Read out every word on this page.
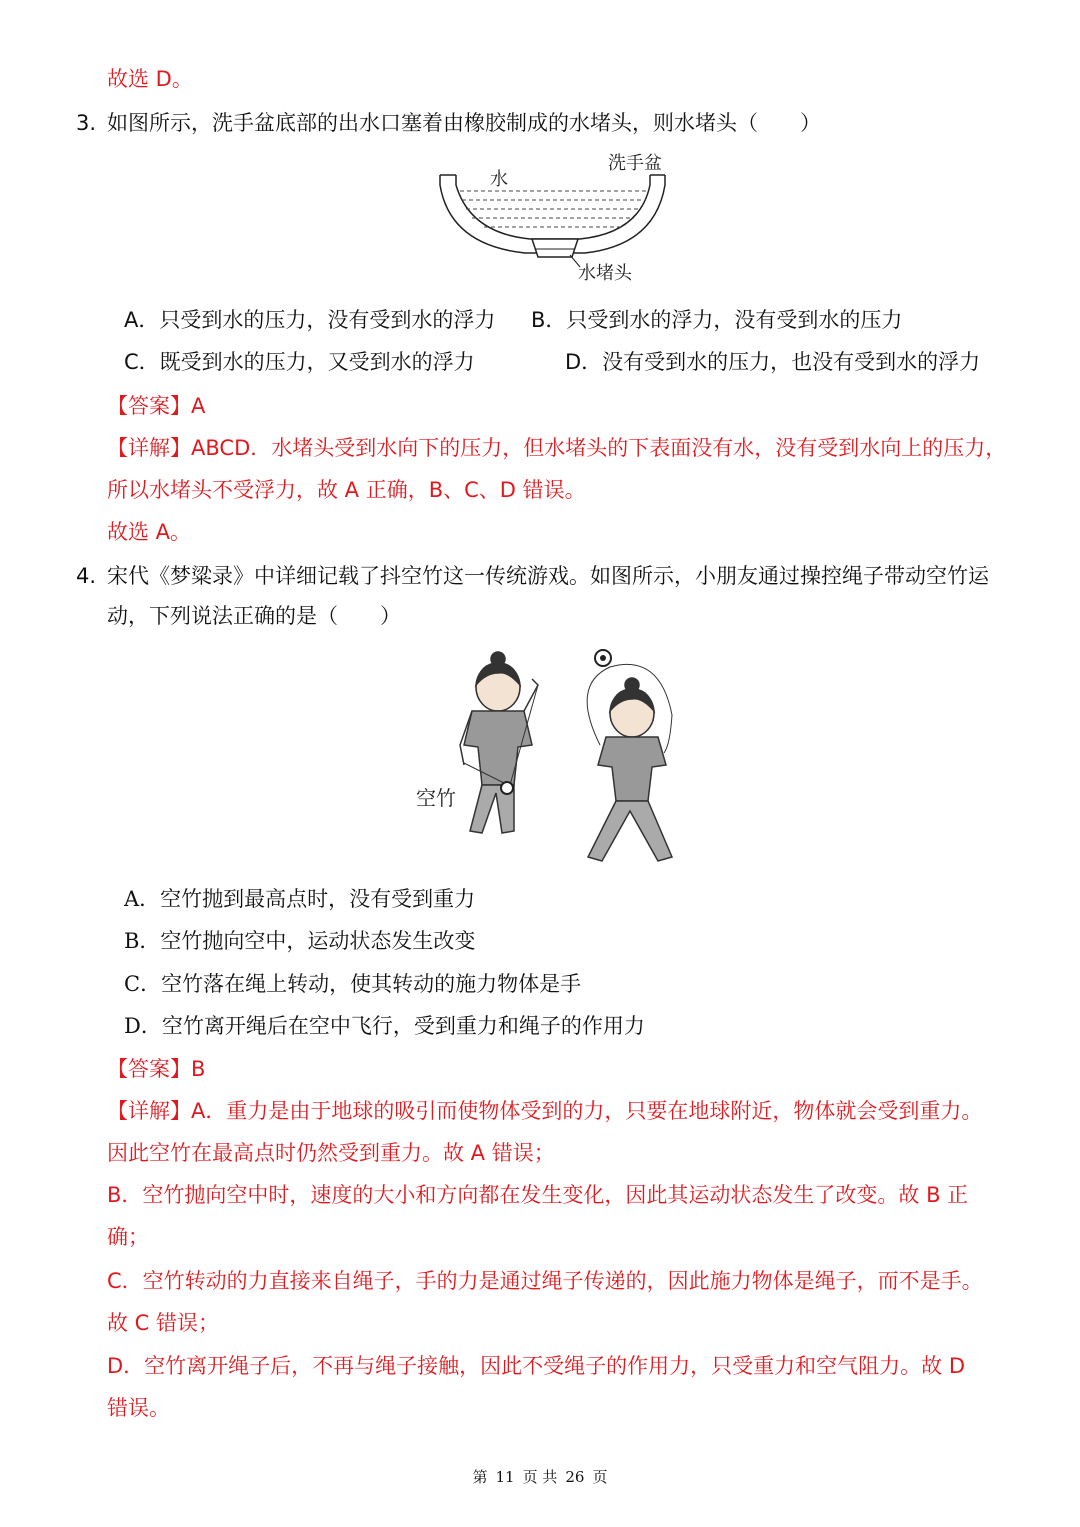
故选 D。
3. 如图所示，洗手盆底部的出水口塞着由橡胶制成的水堵头，则水堵头（　　）
水
洗手盆
水堵头
A．只受到水的压力，没有受到水的浮力 B．只受到水的浮力，没有受到水的压力
C．既受到水的压力，又受到水的浮力	D．没有受到水的压力，也没有受到水的浮力
【答案】A
【详解】ABCD．水堵头受到水向下的压力，但水堵头的下表面没有水，没有受到水向上的压力，
所以水堵头不受浮力，故 A 正确，B、C、D 错误。
故选 A。
4. 宋代《梦粱录》中详细记载了抖空竹这一传统游戏。如图所示，小朋友通过操控绳子带动空竹运
动，下列说法正确的是（　　）
空竹
A．空竹抛到最高点时，没有受到重力
B．空竹抛向空中，运动状态发生改变
C．空竹落在绳上转动，使其转动的施力物体是手
D．空竹离开绳后在空中飞行，受到重力和绳子的作用力
【答案】B
【详解】A．重力是由于地球的吸引而使物体受到的力，只要在地球附近，物体就会受到重力。
因此空竹在最高点时仍然受到重力。故 A 错误；
B．空竹抛向空中时，速度的大小和方向都在发生变化，因此其运动状态发生了改变。故 B 正
确；
C．空竹转动的力直接来自绳子，手的力是通过绳子传递的，因此施力物体是绳子，而不是手。
故 C 错误；
D．空竹离开绳子后，不再与绳子接触，因此不受绳子的作用力，只受重力和空气阻力。故 D
错误。
第 11 页 共 26 页
